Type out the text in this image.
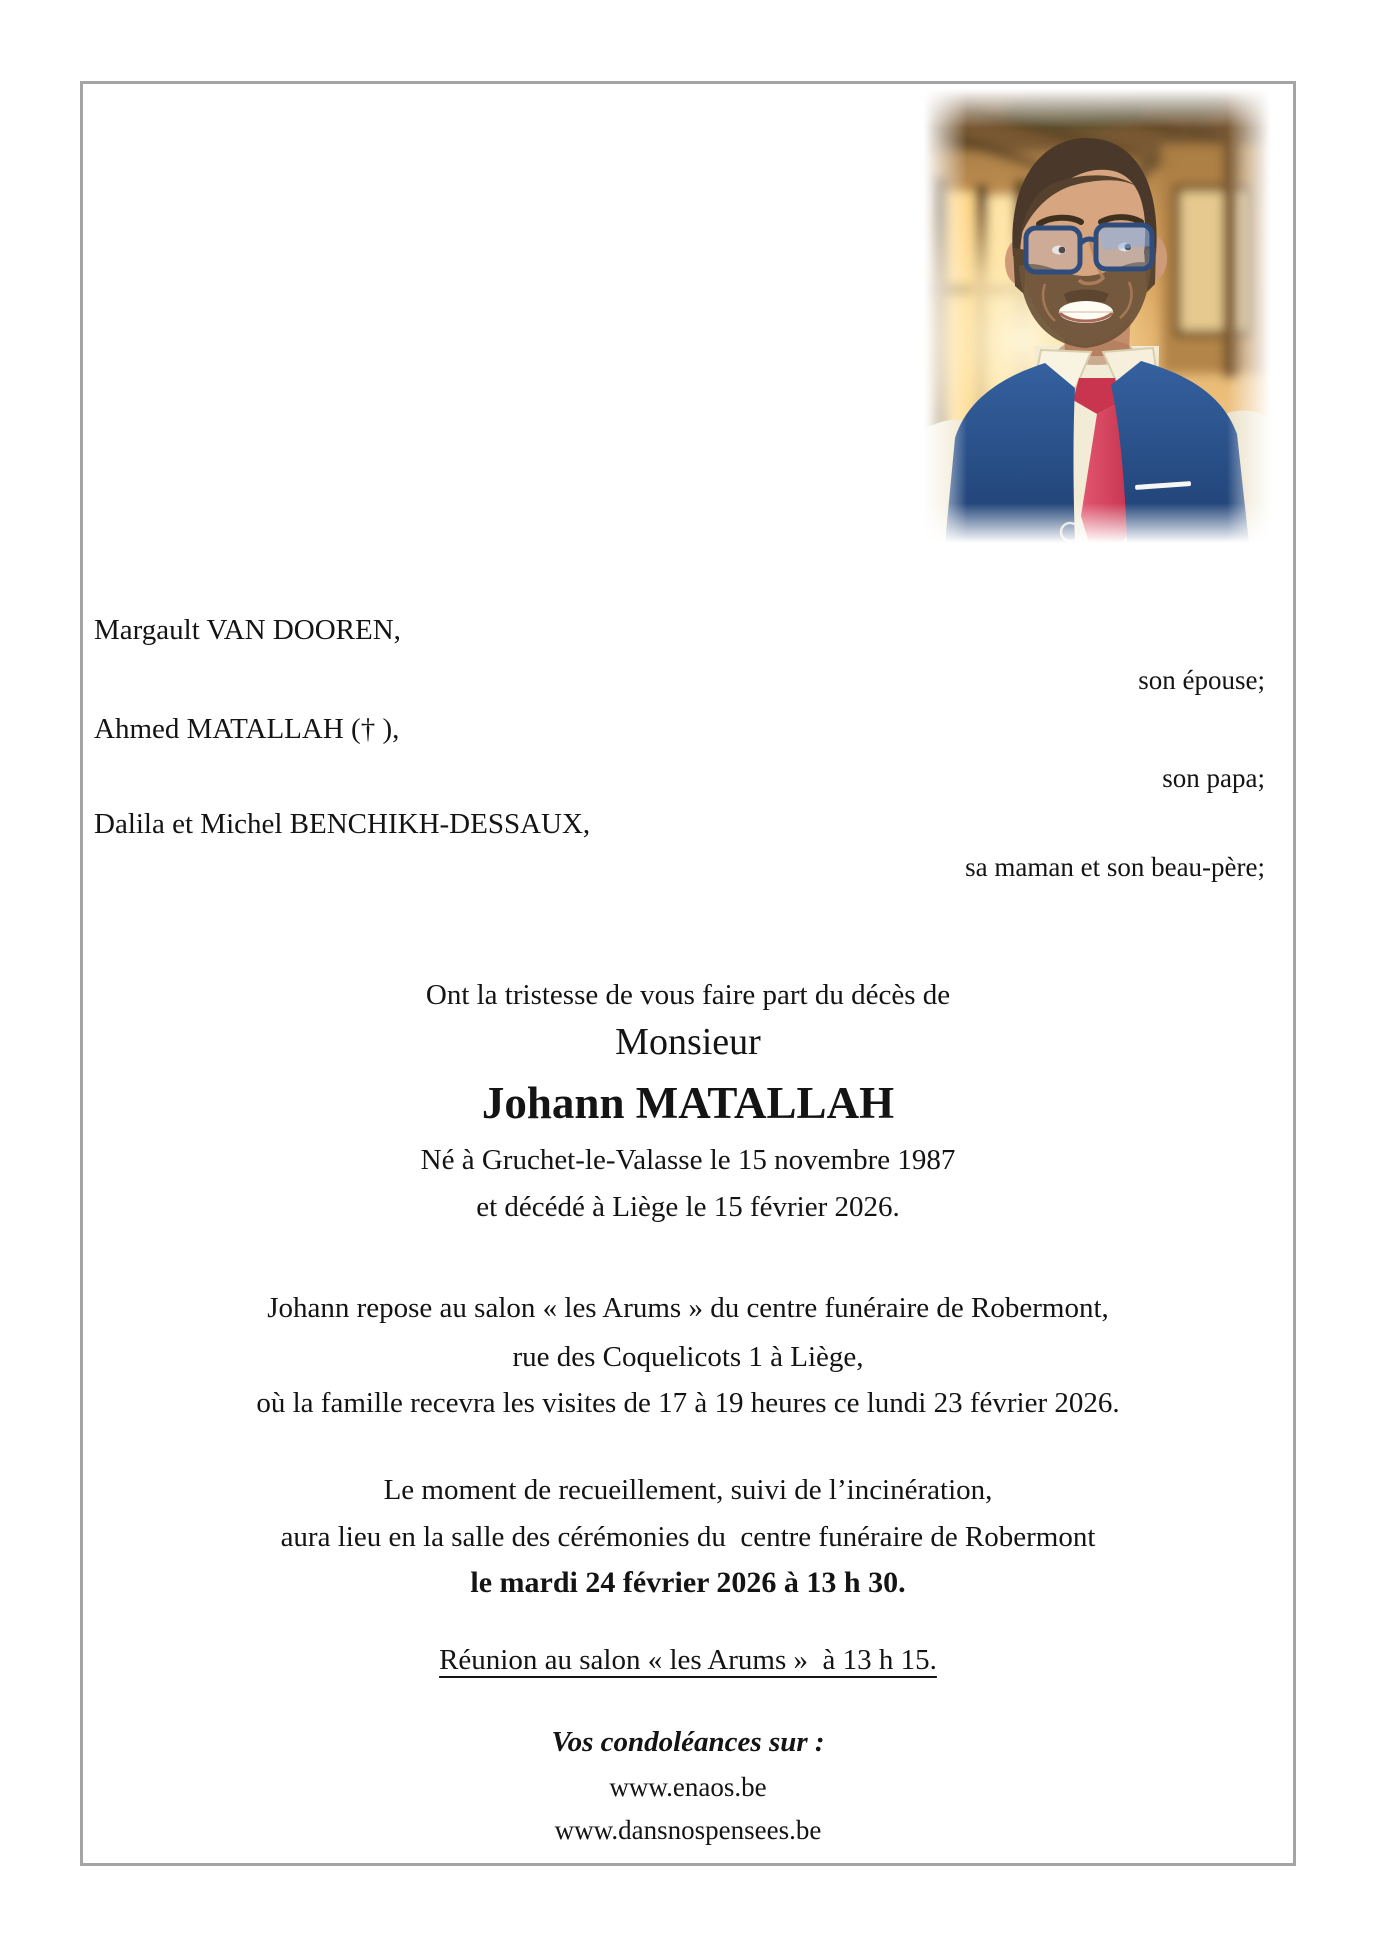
Margault VAN DOOREN,
son épouse;
Ahmed MATALLAH († ),
son papa;
Dalila et Michel BENCHIKH-DESSAUX,
sa maman et son beau-père;
Ont la tristesse de vous faire part du décès de
Monsieur
Johann MATALLAH
Né à Gruchet-le-Valasse le 15 novembre 1987
et décédé à Liège le 15 février 2026.
Johann repose au salon « les Arums » du centre funéraire de Robermont,
rue des Coquelicots 1 à Liège,
où la famille recevra les visites de 17 à 19 heures ce lundi 23 février 2026.
Le moment de recueillement, suivi de l’incinération,
aura lieu en la salle des cérémonies du  centre funéraire de Robermont
le mardi 24 février 2026 à 13 h 30.
Réunion au salon « les Arums »  à 13 h 15.
Vos condoléances sur :
www.enaos.be
www.dansnospensees.be
